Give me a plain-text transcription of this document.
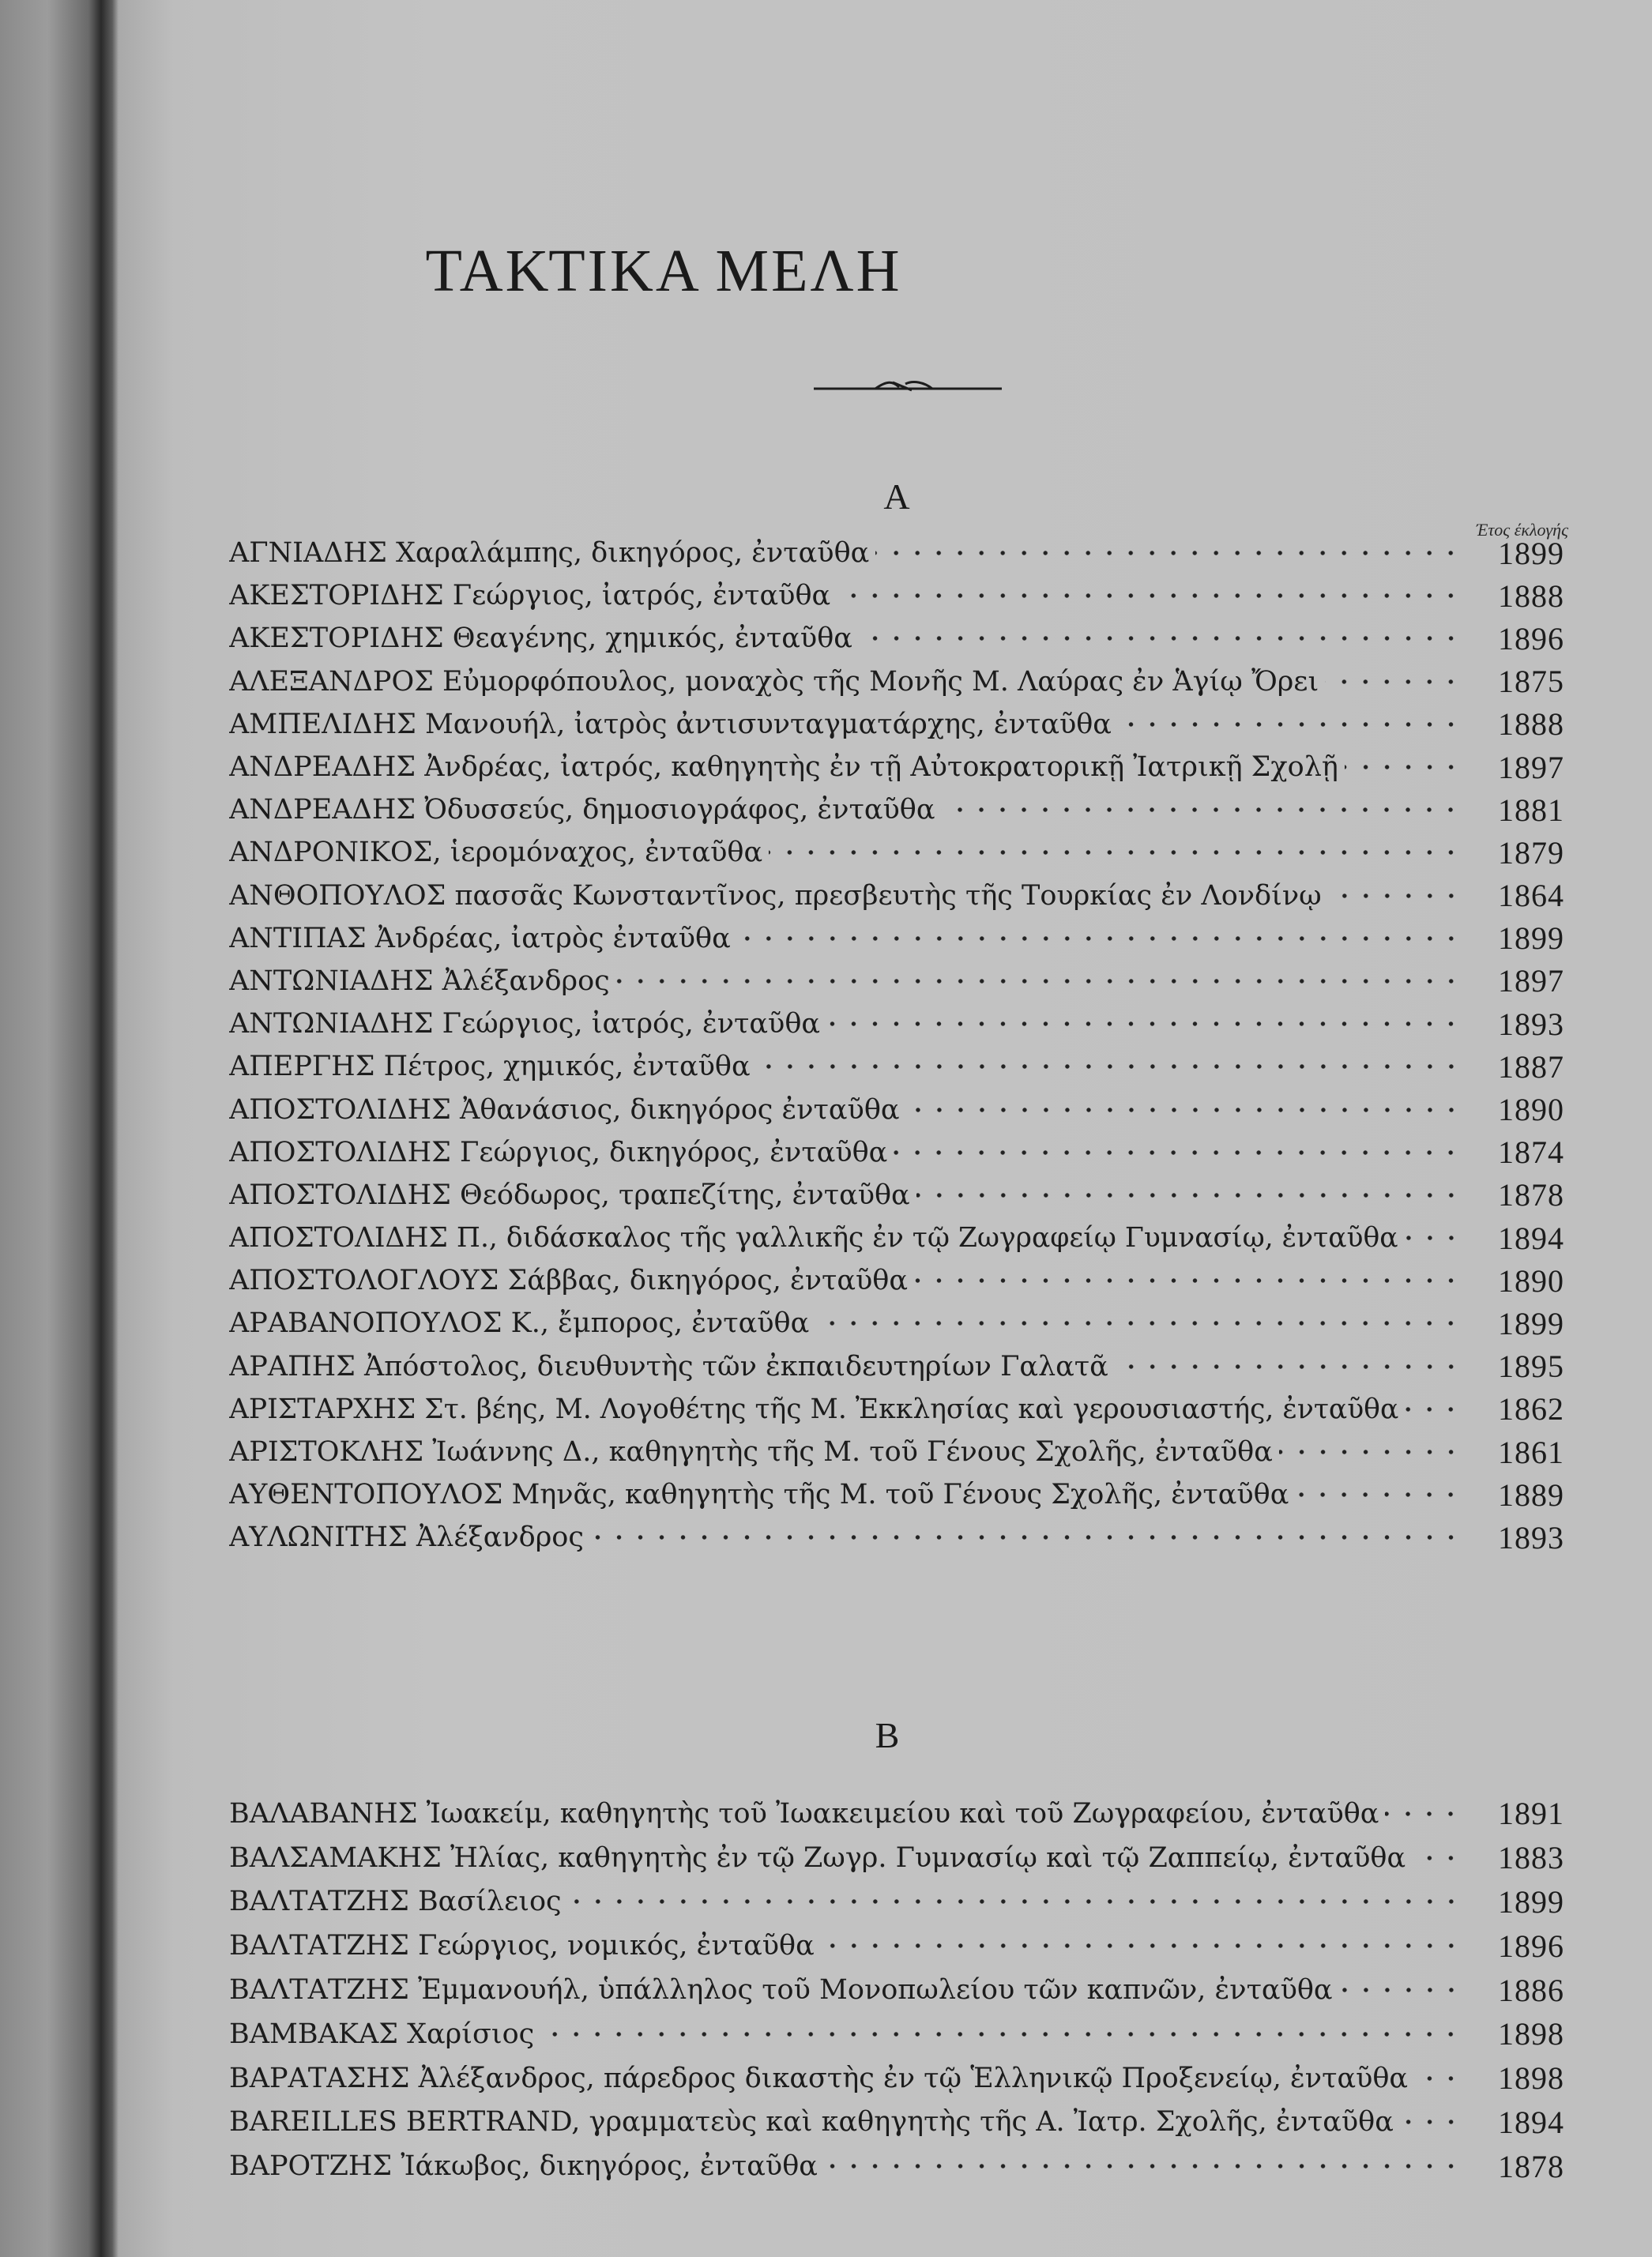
ΤΑΚΤΙΚΑ ΜΕΛΗ
Α
Έτος έκλογής
ΑΓΝΙΑΔΗΣ Χαραλάμπης, δικηγόρος, ἐνταῦθα	1899
ΑΚΕΣΤΟΡΙΔΗΣ Γεώργιος, ἰατρός, ἐνταῦθα	1888
ΑΚΕΣΤΟΡΙΔΗΣ Θεαγένης, χημικός, ἐνταῦθα	1896
ΑΛΕΞΑΝΔΡΟΣ Εὐμορφόπουλος, μοναχὸς τῆς Μονῆς Μ. Λαύρας ἐν Ἁγίῳ Ὄρει	1875
ΑΜΠΕΛΙΔΗΣ Μανουήλ, ἰατρὸς ἀντισυνταγματάρχης, ἐνταῦθα	1888
ΑΝΔΡΕΑΔΗΣ Ἀνδρέας, ἰατρός, καθηγητὴς ἐν τῇ Αὐτοκρατορικῇ Ἰατρικῇ Σχολῇ	1897
ΑΝΔΡΕΑΔΗΣ Ὀδυσσεύς, δημοσιογράφος, ἐνταῦθα	1881
ΑΝΔΡΟΝΙΚΟΣ, ἱερομόναχος, ἐνταῦθα	1879
ΑΝΘΟΠΟΥΛΟΣ πασσᾶς Κωνσταντῖνος, πρεσβευτὴς τῆς Τουρκίας ἐν Λονδίνῳ	1864
ΑΝΤΙΠΑΣ Ἀνδρέας, ἰατρὸς ἐνταῦθα	1899
ΑΝΤΩΝΙΑΔΗΣ Ἀλέξανδρος	1897
ΑΝΤΩΝΙΑΔΗΣ Γεώργιος, ἰατρός, ἐνταῦθα	1893
ΑΠΕΡΓΗΣ Πέτρος, χημικός, ἐνταῦθα	1887
ΑΠΟΣΤΟΛΙΔΗΣ Ἀθανάσιος, δικηγόρος ἐνταῦθα	1890
ΑΠΟΣΤΟΛΙΔΗΣ Γεώργιος, δικηγόρος, ἐνταῦθα	1874
ΑΠΟΣΤΟΛΙΔΗΣ Θεόδωρος, τραπεζίτης, ἐνταῦθα	1878
ΑΠΟΣΤΟΛΙΔΗΣ Π., διδάσκαλος τῆς γαλλικῆς ἐν τῷ Ζωγραφείῳ Γυμνασίῳ, ἐνταῦθα	1894
ΑΠΟΣΤΟΛΟΓΛΟΥΣ Σάββας, δικηγόρος, ἐνταῦθα	1890
ΑΡΑΒΑΝΟΠΟΥΛΟΣ Κ., ἔμπορος, ἐνταῦθα	1899
ΑΡΑΠΗΣ Ἀπόστολος, διευθυντὴς τῶν ἐκπαιδευτηρίων Γαλατᾶ	1895
ΑΡΙΣΤΑΡΧΗΣ Στ. βέης, Μ. Λογοθέτης τῆς Μ. Ἐκκλησίας καὶ γερουσιαστής, ἐνταῦθα	1862
ΑΡΙΣΤΟΚΛΗΣ Ἰωάννης Δ., καθηγητὴς τῆς Μ. τοῦ Γένους Σχολῆς, ἐνταῦθα	1861
ΑΥΘΕΝΤΟΠΟΥΛΟΣ Μηνᾶς, καθηγητὴς τῆς Μ. τοῦ Γένους Σχολῆς, ἐνταῦθα	1889
ΑΥΛΩΝΙΤΗΣ Ἀλέξανδρος	1893
Β
ΒΑΛΑΒΑΝΗΣ Ἰωακείμ, καθηγητὴς τοῦ Ἰωακειμείου καὶ τοῦ Ζωγραφείου, ἐνταῦθα	1891
ΒΑΛΣΑΜΑΚΗΣ Ἠλίας, καθηγητὴς ἐν τῷ Ζωγρ. Γυμνασίῳ καὶ τῷ Ζαππείῳ, ἐνταῦθα	1883
ΒΑΛΤΑΤΖΗΣ Βασίλειος	1899
ΒΑΛΤΑΤΖΗΣ Γεώργιος, νομικός, ἐνταῦθα	1896
ΒΑΛΤΑΤΖΗΣ Ἐμμανουήλ, ὑπάλληλος τοῦ Μονοπωλείου τῶν καπνῶν, ἐνταῦθα	1886
ΒΑΜΒΑΚΑΣ Χαρίσιος	1898
ΒΑΡΑΤΑΣΗΣ Ἀλέξανδρος, πάρεδρος δικαστὴς ἐν τῷ Ἑλληνικῷ Προξενείῳ, ἐνταῦθα	1898
BAREILLES BERTRAND, γραμματεὺς καὶ καθηγητὴς τῆς Α. Ἰατρ. Σχολῆς, ἐνταῦθα	1894
ΒΑΡΟΤΖΗΣ Ἰάκωβος, δικηγόρος, ἐνταῦθα	1878
